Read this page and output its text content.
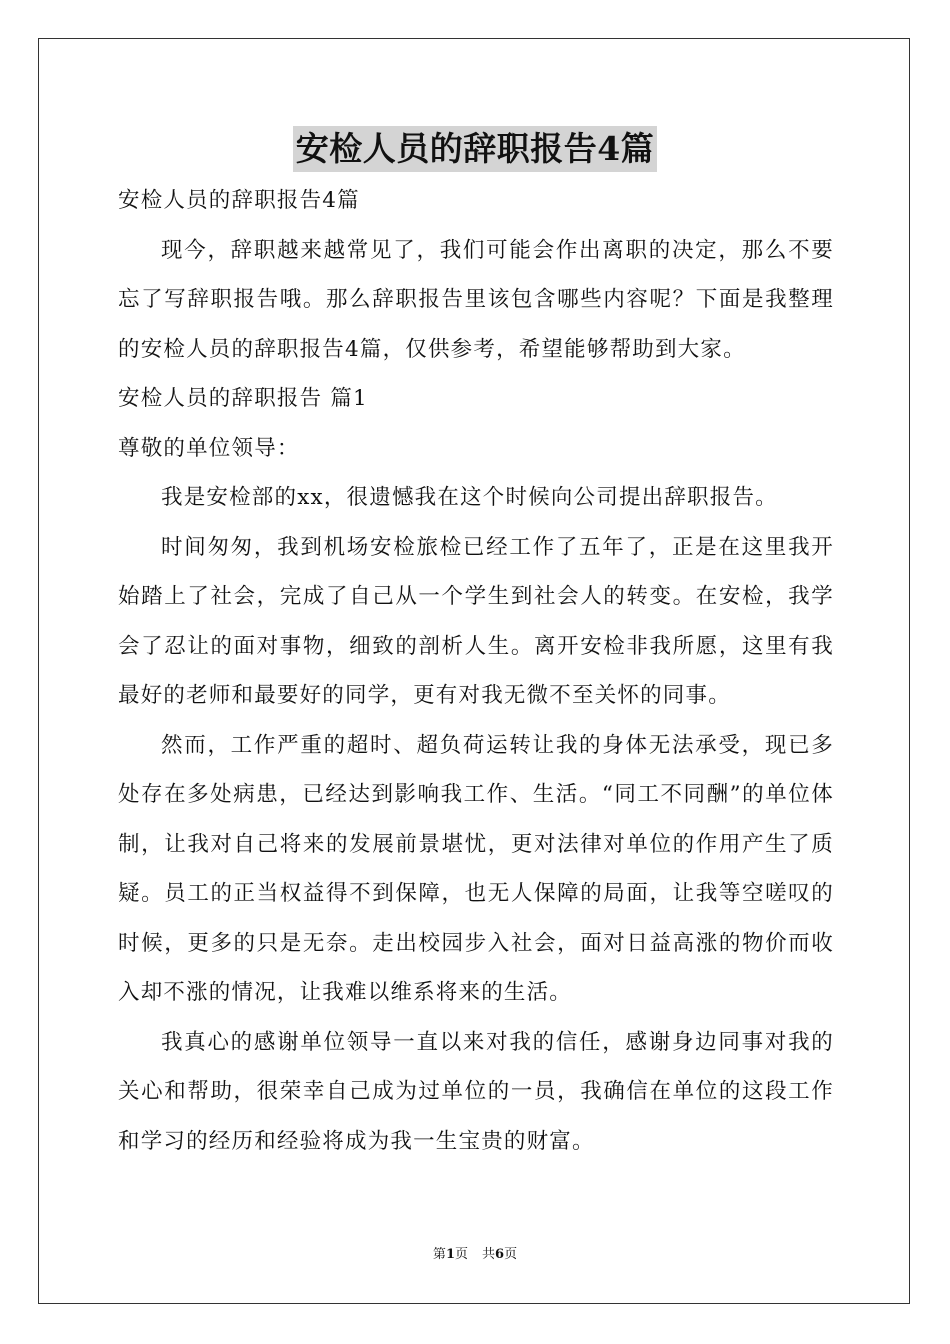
安检人员的辞职报告4篇

安检人员的辞职报告4篇

现今，辞职越来越常见了，我们可能会作出离职的决定，那么不要忘了写辞职报告哦。那么辞职报告里该包含哪些内容呢？下面是我整理的安检人员的辞职报告4篇，仅供参考，希望能够帮助到大家。

安检人员的辞职报告 篇1

尊敬的单位领导：

我是安检部的xx，很遗憾我在这个时候向公司提出辞职报告。

时间匆匆，我到机场安检旅检已经工作了五年了，正是在这里我开始踏上了社会，完成了自己从一个学生到社会人的转变。在安检，我学会了忍让的面对事物，细致的剖析人生。离开安检非我所愿，这里有我最好的老师和最要好的同学，更有对我无微不至关怀的同事。

然而，工作严重的超时、超负荷运转让我的身体无法承受，现已多处存在多处病患，已经达到影响我工作、生活。“同工不同酬”的单位体制，让我对自己将来的发展前景堪忧，更对法律对单位的作用产生了质疑。员工的正当权益得不到保障，也无人保障的局面，让我等空嗟叹的时候，更多的只是无奈。走出校园步入社会，面对日益高涨的物价而收入却不涨的情况，让我难以维系将来的生活。

我真心的感谢单位领导一直以来对我的信任，感谢身边同事对我的关心和帮助，很荣幸自己成为过单位的一员，我确信在单位的这段工作和学习的经历和经验将成为我一生宝贵的财富。

第1页 共6页
